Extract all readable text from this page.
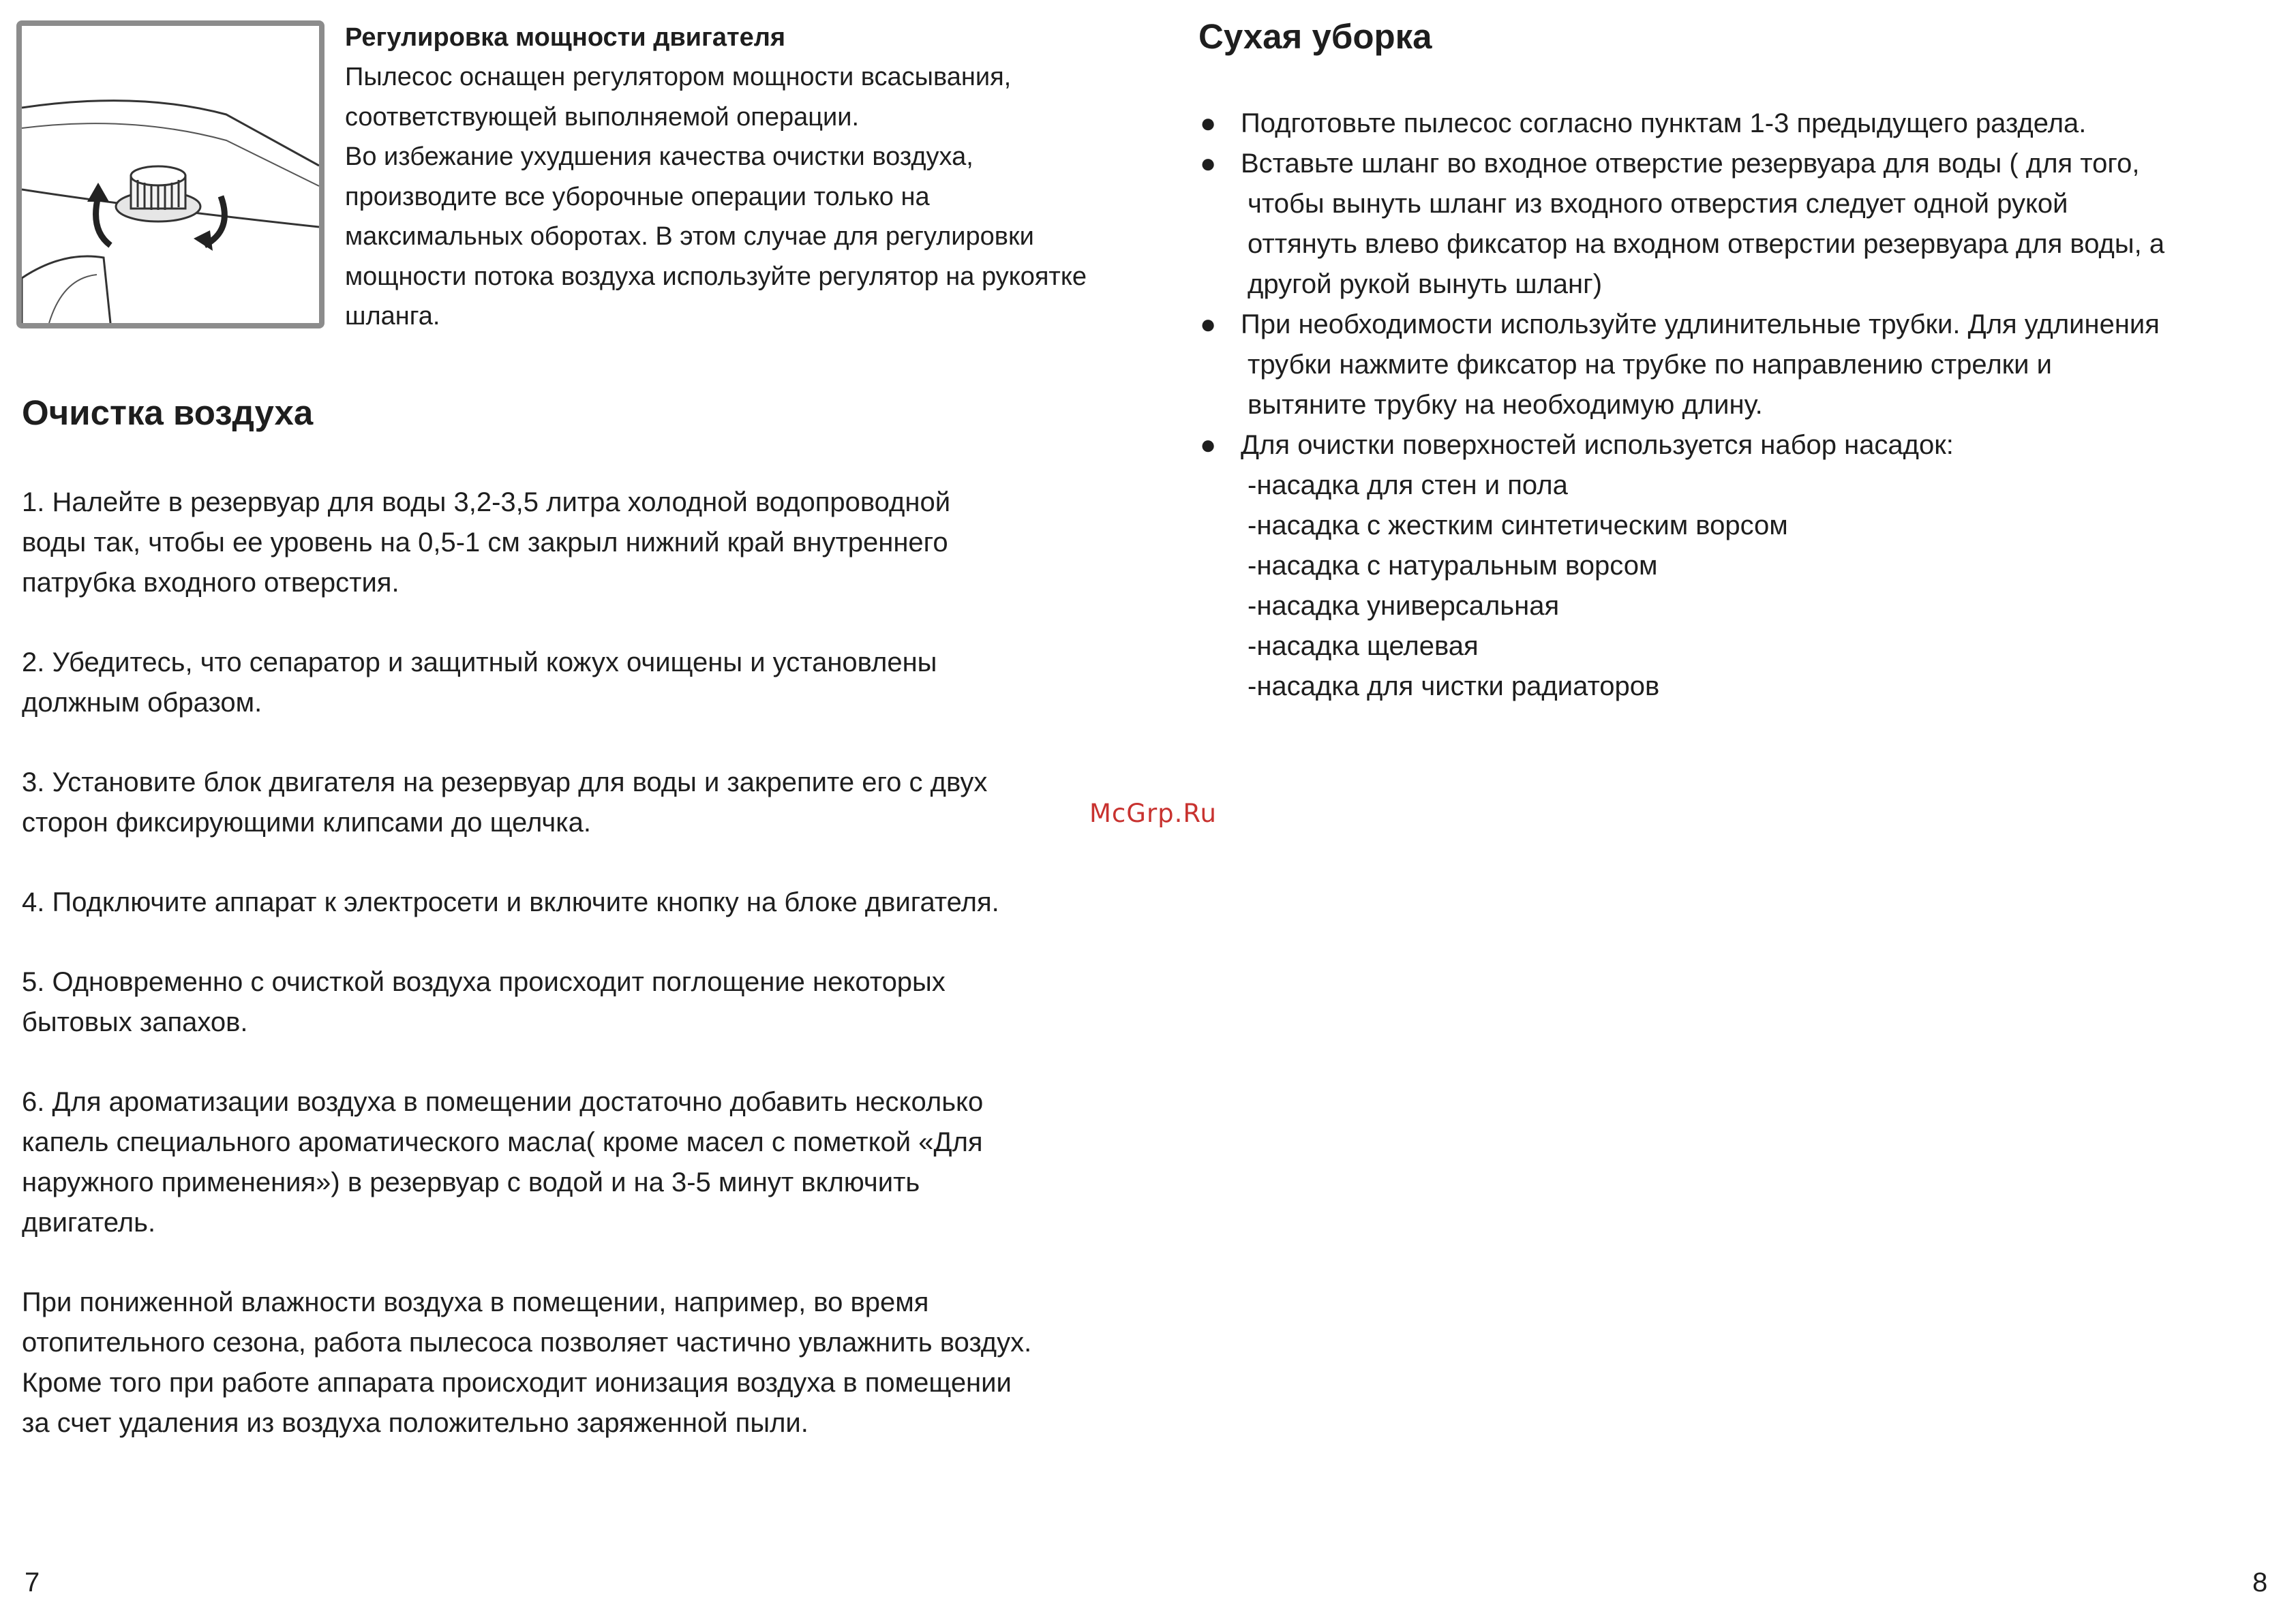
Регулировка мощности двигателя

Пылесос оснащен регулятором мощности всасывания,

соответствующей выполняемой операции.

Во избежание ухудшения качества очистки воздуха,

производите все уборочные операции только на

максимальных оборотах. В этом случае для регулировки

мощности потока воздуха используйте регулятор на рукоятке

шланга.

Очистка воздуха

1. Налейте в резервуар для воды 3,2-3,5 литра холодной водопроводной

воды так, чтобы ее уровень на 0,5-1 см закрыл нижний край внутреннего

патрубка входного отверстия.

2. Убедитесь, что сепаратор и защитный кожух очищены и установлены

должным образом.

3. Установите блок двигателя на резервуар для воды и закрепите его с двух

сторон фиксирующими клипсами до щелчка.

4. Подключите аппарат к электросети и включите кнопку на блоке двигателя.

5. Одновременно с очисткой воздуха происходит поглощение некоторых

бытовых запахов.

6. Для ароматизации воздуха в помещении достаточно добавить несколько

капель специального ароматического масла( кроме масел с пометкой «Для

наружного применения») в резервуар с водой и на 3-5 минут включить

двигатель.

При пониженной влажности воздуха в помещении, например, во время

отопительного сезона, работа пылесоса позволяет частично увлажнить воздух.

Кроме того при работе аппарата происходит ионизация воздуха в помещении

за счет удаления из воздуха положительно заряженной пыли.

Сухая уборка
● Подготовьте пылесос согласно пунктам 1-3 предыдущего раздела.

● Вставьте шланг во входное отверстие резервуара для воды ( для того,

чтобы вынуть шланг из входного отверстия следует одной рукой

оттянуть влево фиксатор на входном отверстии резервуара для воды, а

другой рукой вынуть шланг)

● При необходимости используйте удлинительные трубки. Для удлинения

трубки нажмите фиксатор на трубке по направлению стрелки и

вытяните трубку на необходимую длину.

● Для очистки поверхностей используется набор насадок:

-насадка для стен и пола

-насадка с жестким синтетическим ворсом

-насадка с натуральным ворсом

-насадка универсальная

-насадка щелевая

-насадка для чистки радиаторов

McGrp.Ru
7	8
